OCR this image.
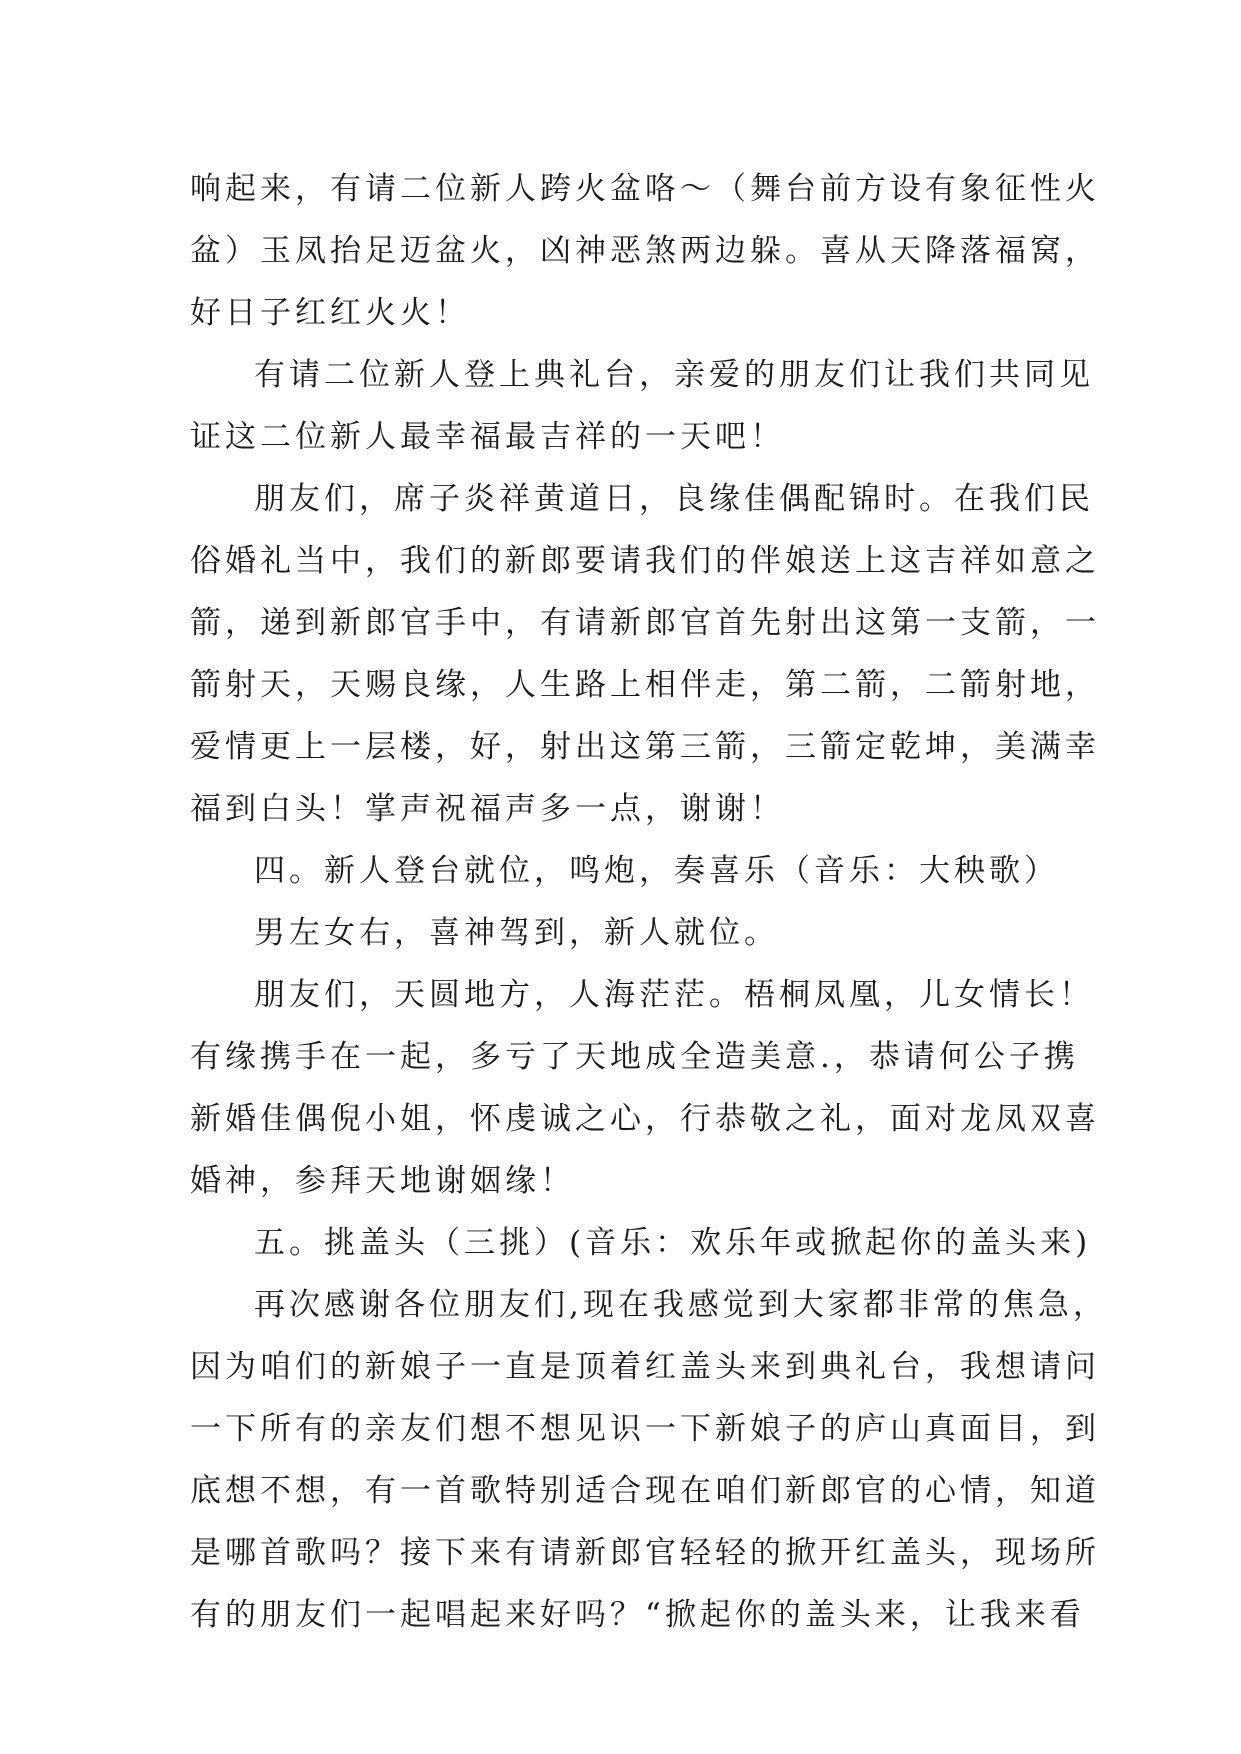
响起来，有请二位新人跨火盆咯～（舞台前方设有象征性火
盆）玉凤抬足迈盆火，凶神恶煞两边躲。喜从天降落福窝，
好日子红红火火！
有请二位新人登上典礼台，亲爱的朋友们让我们共同见
证这二位新人最幸福最吉祥的一天吧！
朋友们，席子炎祥黄道日，良缘佳偶配锦时。在我们民
俗婚礼当中，我们的新郎要请我们的伴娘送上这吉祥如意之
箭，递到新郎官手中，有请新郎官首先射出这第一支箭，一
箭射天，天赐良缘，人生路上相伴走，第二箭，二箭射地，
爱情更上一层楼，好，射出这第三箭，三箭定乾坤，美满幸
福到白头！掌声祝福声多一点，谢谢！
四。新人登台就位，鸣炮，奏喜乐（音乐：大秧歌）
男左女右，喜神驾到，新人就位。
朋友们，天圆地方，人海茫茫。梧桐凤凰，儿女情长！
有缘携手在一起，多亏了天地成全造美意.，恭请何公子携
新婚佳偶倪小姐，怀虔诚之心，行恭敬之礼，面对龙凤双喜
婚神，参拜天地谢姻缘！
五。挑盖头（三挑）(音乐：欢乐年或掀起你的盖头来)
再次感谢各位朋友们,现在我感觉到大家都非常的焦急，
因为咱们的新娘子一直是顶着红盖头来到典礼台，我想请问
一下所有的亲友们想不想见识一下新娘子的庐山真面目，到
底想不想，有一首歌特别适合现在咱们新郎官的心情，知道
是哪首歌吗？接下来有请新郎官轻轻的掀开红盖头，现场所
有的朋友们一起唱起来好吗？“掀起你的盖头来，让我来看
